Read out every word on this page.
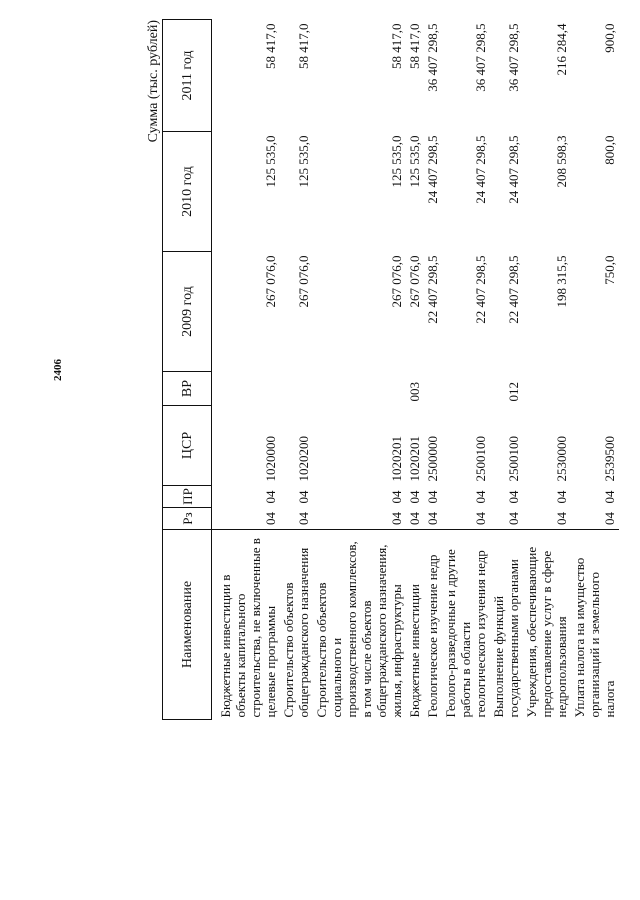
2406
Сумма (тыс. рублей)
Наименование	Рз	ПР	ЦСР	ВР	2009 год	2010 год	2011 год
Бюджетные инвестиции в объекты капитального строительства, не включенные в целевые программы	04	04	1020000		267 076,0	125 535,0	58 417,0
Строительство объектов общегражданского назначения	04	04	1020200		267 076,0	125 535,0	58 417,0
Строительство объектов социального и производственного комплексов, в том числе объектов общегражданского назначения, жилья, инфраструктуры	04	04	1020201		267 076,0	125 535,0	58 417,0
Бюджетные инвестиции	04	04	1020201	003	267 076,0	125 535,0	58 417,0
Геологическое изучение недр	04	04	2500000		22 407 298,5	24 407 298,5	36 407 298,5
Геолого-разведочные и другие работы в области геологического изучения недр	04	04	2500100		22 407 298,5	24 407 298,5	36 407 298,5
Выполнение функций государственными органами	04	04	2500100	012	22 407 298,5	24 407 298,5	36 407 298,5
Учреждения, обеспечивающие предоставление услуг в сфере недропользования	04	04	2530000		198 315,5	208 598,3	216 284,4
Уплата налога на имущество организаций и земельного налога	04	04	2539500		750,0	800,0	900,0
